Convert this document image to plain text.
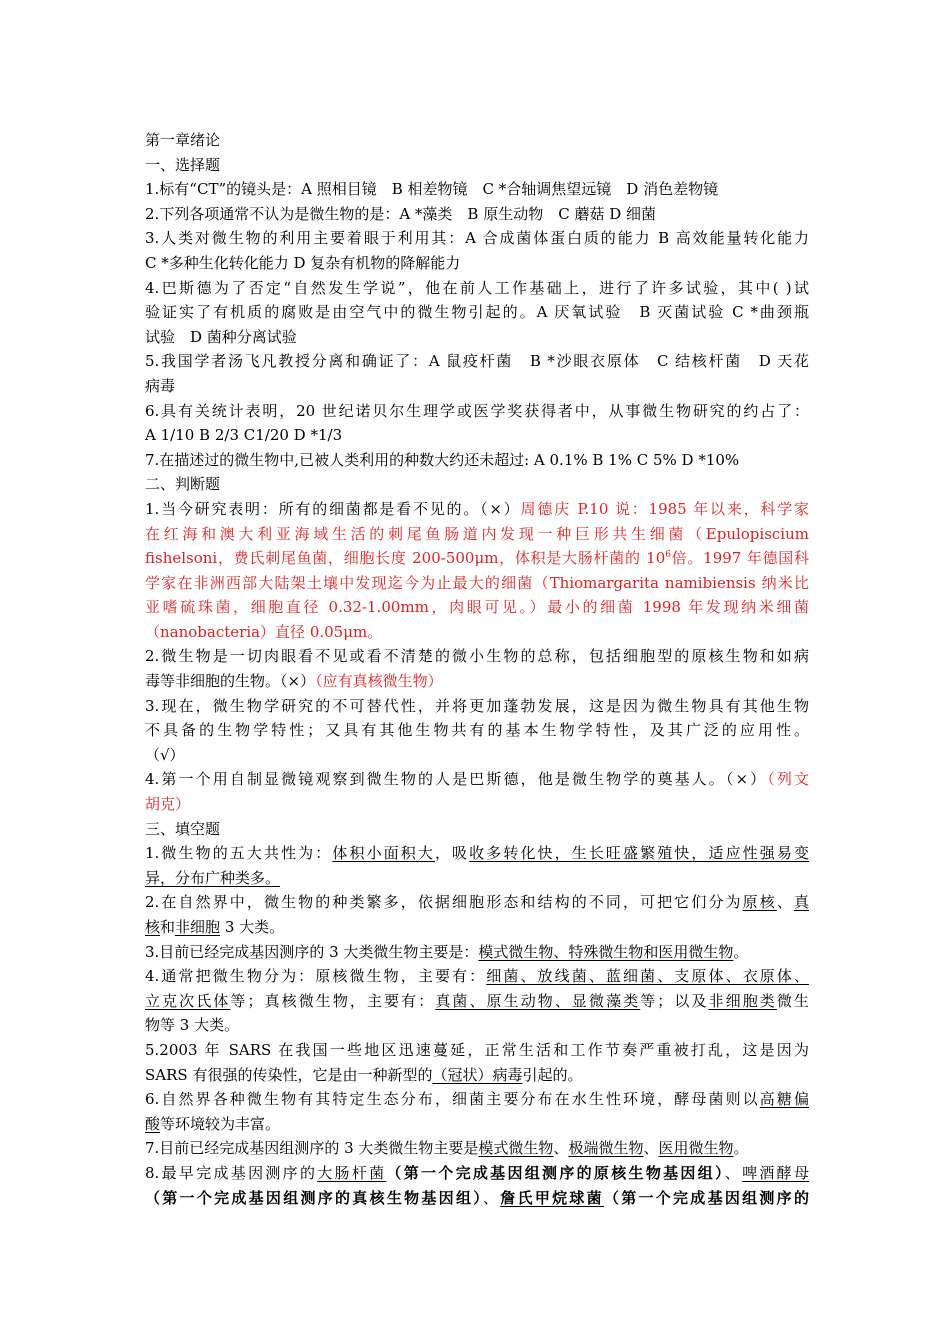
第一章绪论
一、选择题
1.标有“CT”的镜头是：A 照相目镜　B 相差物镜　C *合轴调焦望远镜　D 消色差物镜
2.下列各项通常不认为是微生物的是：A *藻类　B 原生动物　C 蘑菇 D 细菌
3.人类对微生物的利用主要着眼于利用其：A 合成菌体蛋白质的能力 B 高效能量转化能力
C *多种生化转化能力 D 复杂有机物的降解能力
4.巴斯德为了否定“自然发生学说”，他在前人工作基础上，进行了许多试验，其中( )试
验证实了有机质的腐败是由空气中的微生物引起的。A 厌氧试验　B 灭菌试验 C *曲颈瓶
试验　D 菌种分离试验
5.我国学者汤飞凡教授分离和确证了：A 鼠疫杆菌　B *沙眼衣原体　C 结核杆菌　D 天花
病毒
6.具有关统计表明，20 世纪诺贝尔生理学或医学奖获得者中，从事微生物研究的约占了：
A 1/10 B 2/3 C1/20 D *1/3
7.在描述过的微生物中,已被人类利用的种数大约还未超过: A 0.1% B 1% C 5% D *10%
二、判断题
1.当今研究表明：所有的细菌都是看不见的。（×）周德庆 P.10 说：1985 年以来，科学家
在红海和澳大利亚海域生活的刺尾鱼肠道内发现一种巨形共生细菌（Epulopiscium
fishelsoni，费氏刺尾鱼菌，细胞长度 200-500μm，体积是大肠杆菌的 $10^6$倍。1997 年德国科
学家在非洲西部大陆架土壤中发现迄今为止最大的细菌（Thiomargarita namibiensis 纳米比
亚嗜硫珠菌，细胞直径 0.32-1.00mm，肉眼可见。）最小的细菌 1998 年发现纳米细菌
（nanobacteria）直径 0.05μm。
2.微生物是一切肉眼看不见或看不清楚的微小生物的总称，包括细胞型的原核生物和如病
毒等非细胞的生物。（×）（应有真核微生物）
3.现在，微生物学研究的不可替代性，并将更加蓬勃发展，这是因为微生物具有其他生物
不具备的生物学特性；又具有其他生物共有的基本生物学特性，及其广泛的应用性。
（√）
4.第一个用自制显微镜观察到微生物的人是巴斯德，他是微生物学的奠基人。（×）（列文
胡克）
三、填空题
1.微生物的五大共性为：体积小面积大，吸收多转化快，生长旺盛繁殖快，适应性强易变
异，分布广种类多。
2.在自然界中，微生物的种类繁多，依据细胞形态和结构的不同，可把它们分为原核、真
核和非细胞 3 大类。
3.目前已经完成基因测序的 3 大类微生物主要是：模式微生物、特殊微生物和医用微生物。
4.通常把微生物分为：原核微生物，主要有：细菌、放线菌、蓝细菌、支原体、衣原体、
立克次氏体等；真核微生物，主要有：真菌、原生动物、显微藻类等；以及非细胞类微生
物等 3 大类。
5.2003 年 SARS 在我国一些地区迅速蔓延，正常生活和工作节奏严重被打乱，这是因为
SARS 有很强的传染性，它是由一种新型的（冠状）病毒引起的。
6.自然界各种微生物有其特定生态分布，细菌主要分布在水生性环境，酵母菌则以高糖偏
酸等环境较为丰富。
7.目前已经完成基因组测序的 3 大类微生物主要是模式微生物、极端微生物、医用微生物。
8.最早完成基因测序的大肠杆菌（第一个完成基因组测序的原核生物基因组）、啤酒酵母
（第一个完成基因组测序的真核生物基因组）、詹氏甲烷球菌（第一个完成基因组测序的
